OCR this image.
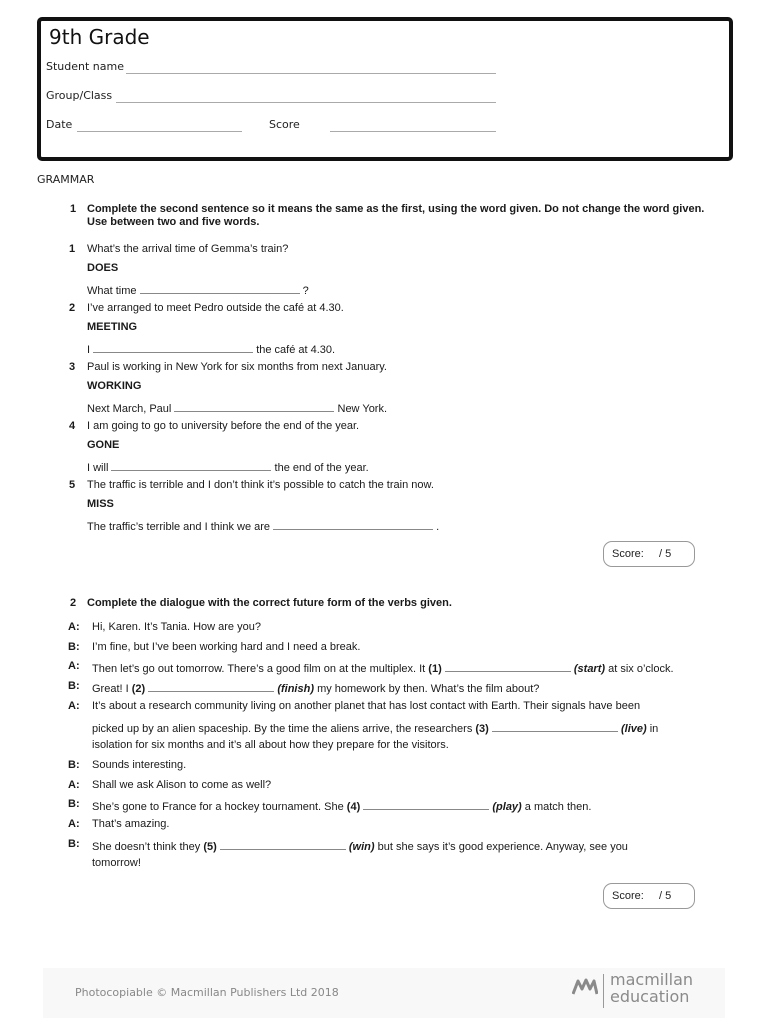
9th Grade
Student name
Group/Class
Date	Score
GRAMMAR
1 Complete the second sentence so it means the same as the first, using the word given. Do not change the word given. Use between two and five words.
1 What’s the arrival time of Gemma’s train?
DOES
What time	?
2 I’ve arranged to meet Pedro outside the café at 4.30.
MEETING
I	the café at 4.30.
3 Paul is working in New York for six months from next January.
WORKING
Next March, Paul	New York.
4 I am going to go to university before the end of the year.
GONE
I will	the end of the year.
5 The traffic is terrible and I don’t think it’s possible to catch the train now.
MISS
The traffic’s terrible and I think we are	.
Score: / 5
2 Complete the dialogue with the correct future form of the verbs given.
A: Hi, Karen. It’s Tania. How are you?
B: I’m fine, but I’ve been working hard and I need a break.
A: Then let’s go out tomorrow. There’s a good film on at the multiplex. It (1)	(start) at six o’clock.
B: Great! I (2)	(finish) my homework by then. What’s the film about?
A: It’s about a research community living on another planet that has lost contact with Earth. Their signals have been
picked up by an alien spaceship. By the time the aliens arrive, the researchers (3)	(live) in
isolation for six months and it’s all about how they prepare for the visitors.
B: Sounds interesting.
A: Shall we ask Alison to come as well?
B: She’s gone to France for a hockey tournament. She (4)	(play) a match then.
A: That’s amazing.
B: She doesn’t think they (5)	(win) but she says it’s good experience. Anyway, see you
tomorrow!
Score: / 5
Photocopiable © Macmillan Publishers Ltd 2018
macmillan
education
